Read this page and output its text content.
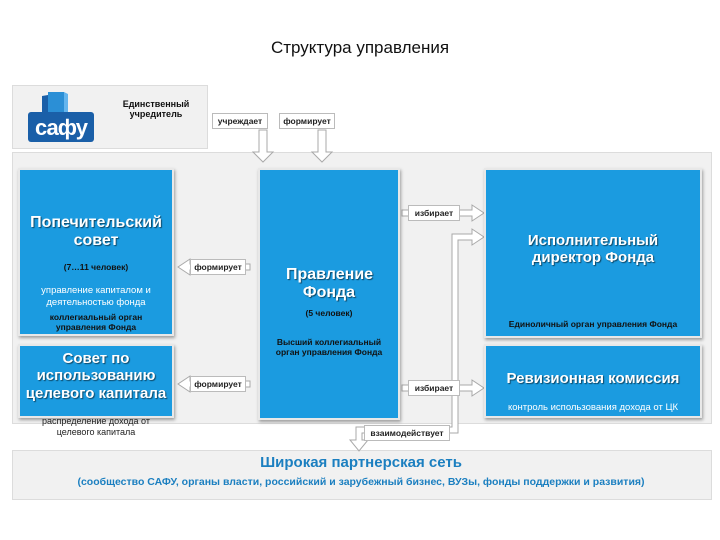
Структура управления
сафу
Единственный
учредитель
учреждает	формирует
формирует
формирует
избирает
избирает
взаимодействует
Попечительский совет
(7…11 человек)
управление капиталом и деятельностью фонда
коллегиальный орган управления Фонда
Правление Фонда
(5 человек)
Высший коллегиальный орган управления Фонда
Исполнительный директор Фонда
Единоличный орган управления Фонда
Совет по использованию целевого капитала
распределение дохода от целевого капитала
Ревизионная комиссия
контроль использования дохода от ЦК
Широкая партнерская сеть
(сообщество САФУ, органы власти, российский и зарубежный бизнес, ВУЗы, фонды поддержки и развития)
